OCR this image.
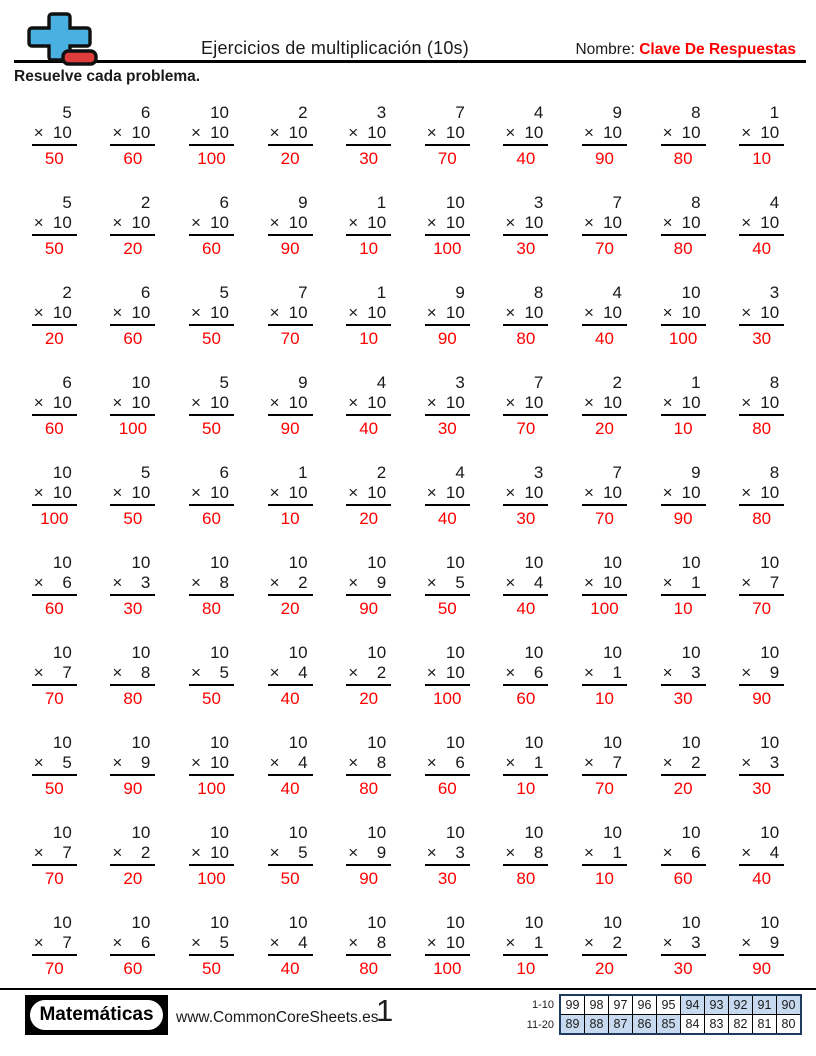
Ejercicios de multiplicación (10s)	Nombre: Clave De Respuestas
Resuelve cada problema.
5
× 10
50
6
× 10
60
10
× 10
100
2
× 10
20
3
× 10
30
7
× 10
70
4
× 10
40
9
× 10
90
8
× 10
80
1
× 10
10
5
× 10
50
2
× 10
20
6
× 10
60
9
× 10
90
1
× 10
10
10
× 10
100
3
× 10
30
7
× 10
70
8
× 10
80
4
× 10
40
2
× 10
20
6
× 10
60
5
× 10
50
7
× 10
70
1
× 10
10
9
× 10
90
8
× 10
80
4
× 10
40
10
× 10
100
3
× 10
30
6
× 10
60
10
× 10
100
5
× 10
50
9
× 10
90
4
× 10
40
3
× 10
30
7
× 10
70
2
× 10
20
1
× 10
10
8
× 10
80
10
× 10
100
5
× 10
50
6
× 10
60
1
× 10
10
2
× 10
20
4
× 10
40
3
× 10
30
7
× 10
70
9
× 10
90
8
× 10
80
10
× 6
60
10
× 3
30
10
× 8
80
10
× 2
20
10
× 9
90
10
× 5
50
10
× 4
40
10
× 10
100
10
× 1
10
10
× 7
70
10
× 7
70
10
× 8
80
10
× 5
50
10
× 4
40
10
× 2
20
10
× 10
100
10
× 6
60
10
× 1
10
10
× 3
30
10
× 9
90
10
× 5
50
10
× 9
90
10
× 10
100
10
× 4
40
10
× 8
80
10
× 6
60
10
× 1
10
10
× 7
70
10
× 2
20
10
× 3
30
10
× 7
70
10
× 2
20
10
× 10
100
10
× 5
50
10
× 9
90
10
× 3
30
10
× 8
80
10
× 1
10
10
× 6
60
10
× 4
40
10
× 7
70
10
× 6
60
10
× 5
50
10
× 4
40
10
× 8
80
10
× 10
100
10
× 1
10
10
× 2
20
10
× 3
30
10
× 9
90
Matemáticas	www.CommonCoreSheets.es
1	1-10
11-20
99	98	97	96	95	94	93	92	91	90
89	88	87	86	85	84	83	82	81	80
